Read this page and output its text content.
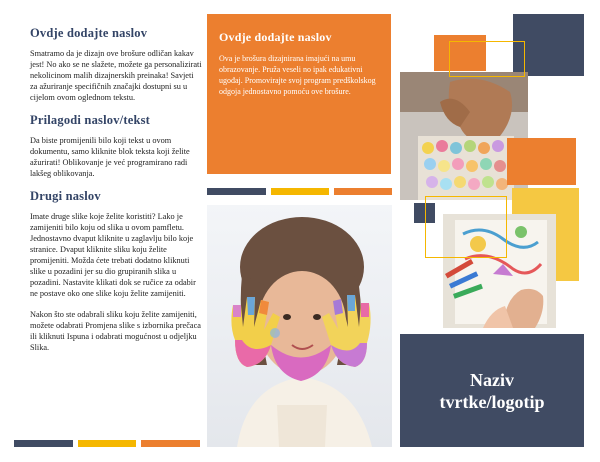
Ovdje dodajte naslov

Smatramo da je dizajn ove brošure odličan kakav jest! No ako se ne slažete, možete ga personalizirati nekolicinom malih dizajnerskih preinaka! Savjeti za ažuriranje specifičnih značajki dostupni su u cijelom ovom oglednom tekstu.

Prilagodi naslov/tekst

Da biste promijenili bilo koji tekst u ovom dokumentu, samo kliknite blok teksta koji želite ažurirati! Oblikovanje je već programirano radi lakšeg oblikovanja.

Drugi naslov

Imate druge slike koje želite koristiti? Lako je zamijeniti bilo koju od slika u ovom pamfletu. Jednostavno dvaput kliknite u zaglavlju bilo koje stranice. Dvaput kliknite sliku koju želite promijeniti. Možda ćete trebati dodatno kliknuti slike u pozadini jer su dio grupiranih slika u pozadini. Nastavite klikati dok se ručice za odabir ne postave oko one slike koju želite zamijeniti.

Nakon što ste odabrali sliku koju želite zamijeniti, možete odabrati Promjena slike s izbornika prečaca ili kliknuti Ispuna i odabrati mogućnost u odjeljku Slika.

Ovdje dodajte naslov

Ova je brošura dizajnirana imajući na umu obrazovanje. Pruža veseli no ipak edukativni ugođaj. Promovirajte svoj program predškolskog odgoja jednostavno pomoću ove brošure.

Naziv
tvrtke/logotip
